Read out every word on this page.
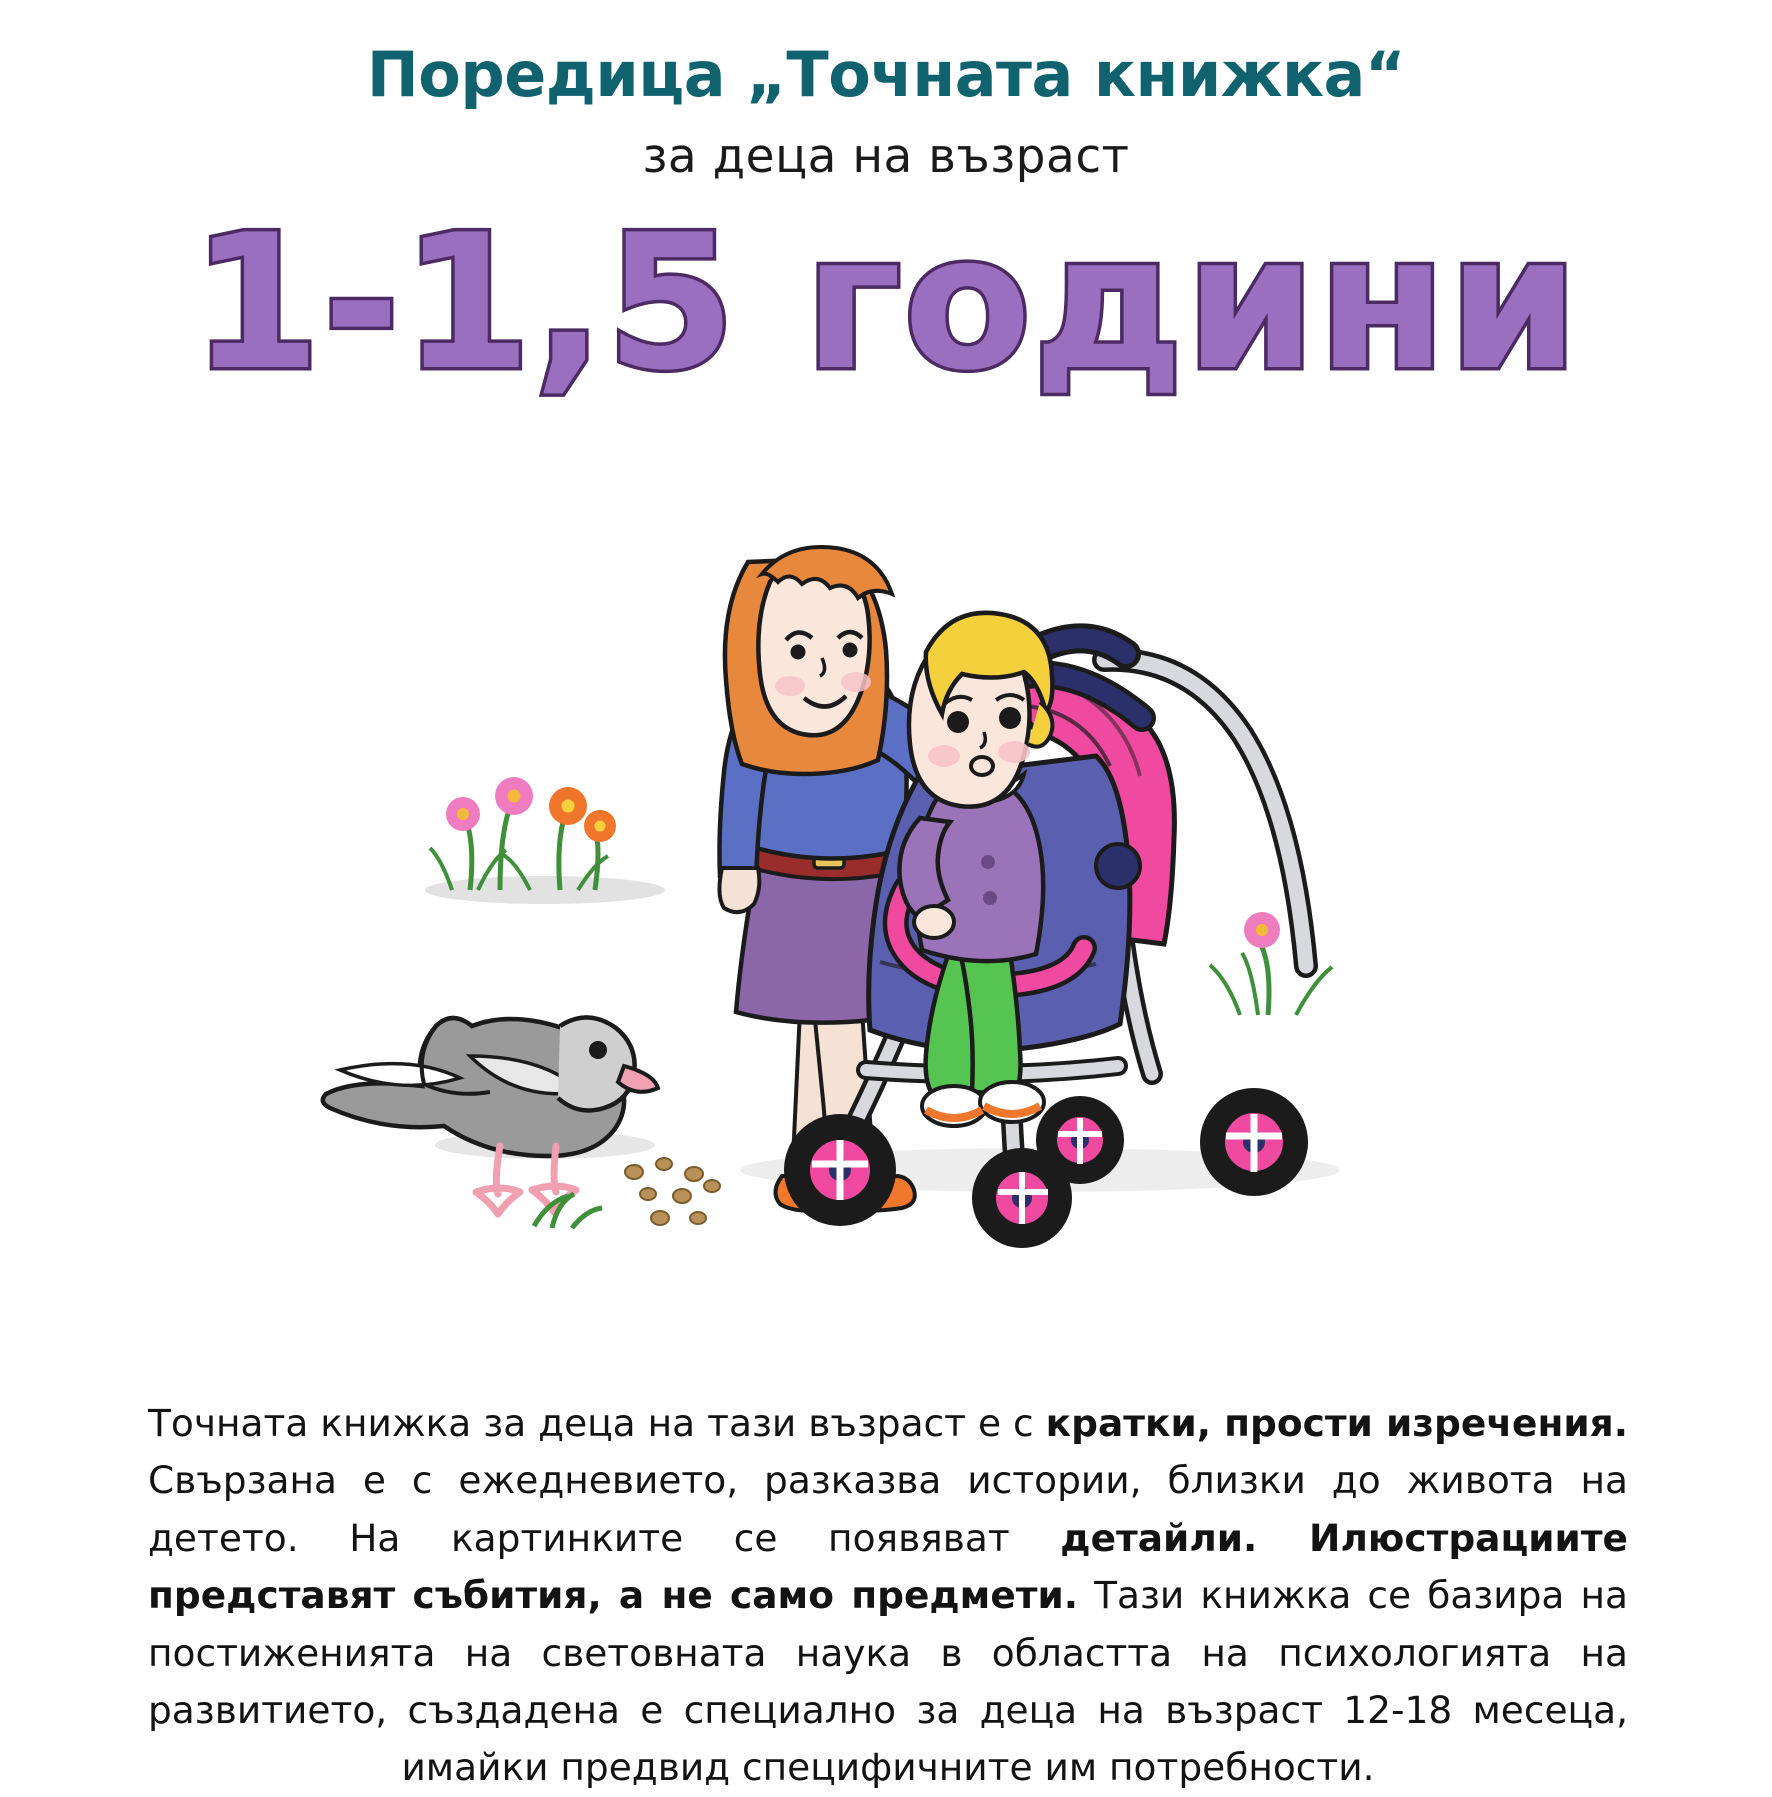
Поредица „Точната книжка“
за деца на възраст
1-1,5 години

Точната книжка за деца на тази възраст е с кратки, прости изречения. Свързана е с ежедневието, разказва истории, близки до живота на детето. На картинките се появяват детайли. Илюстрациите представят събития, а не само предмети. Тази книжка се базира на постиженията на световната наука в областта на психологията на развитието, създадена е специално за деца на възраст 12-18 месеца, имайки предвид специфичните им потребности.
